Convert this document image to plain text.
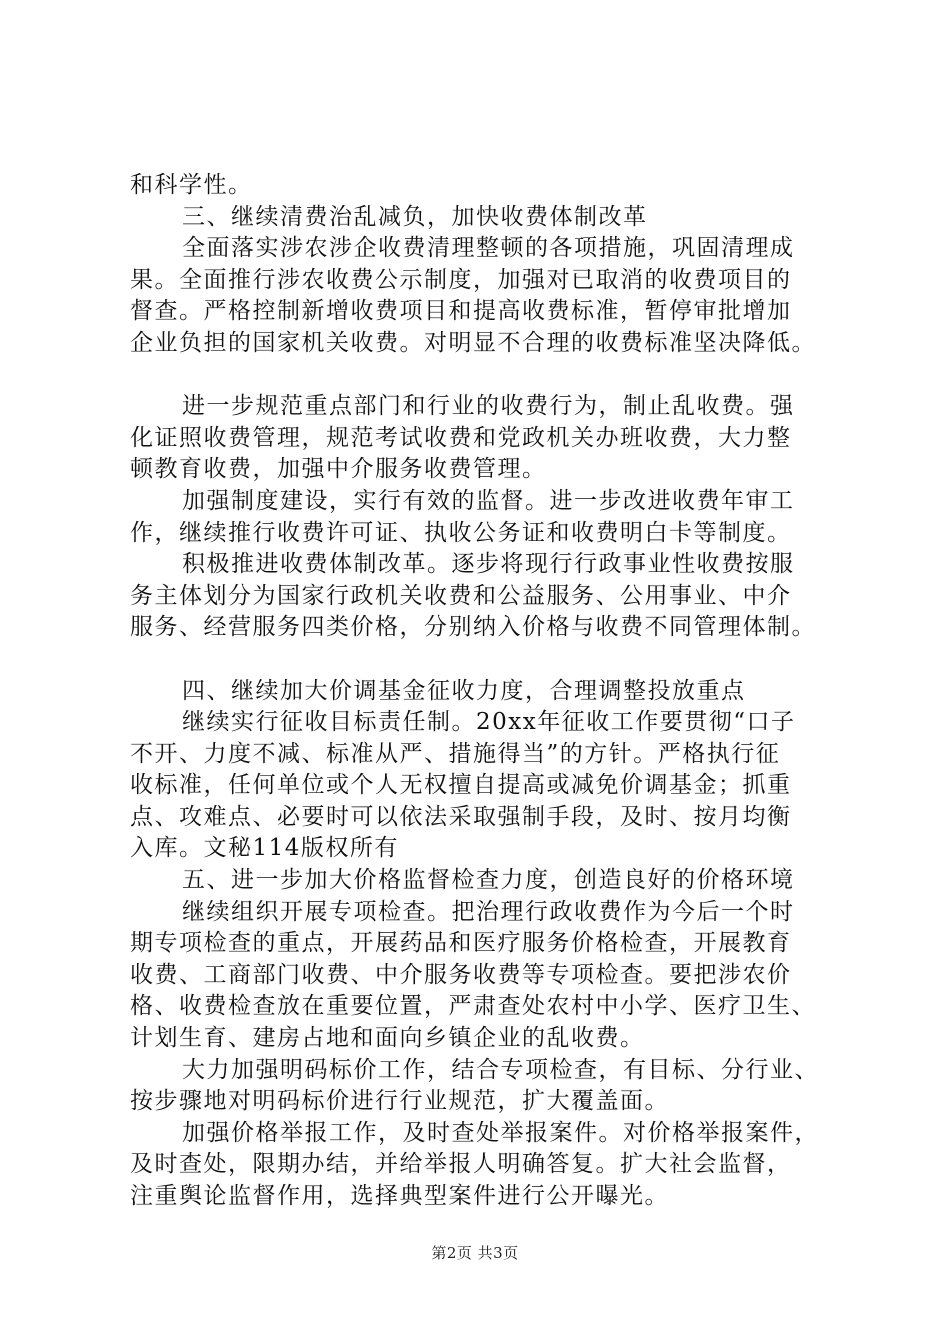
和科学性。
三、继续清费治乱减负，加快收费体制改革
全面落实涉农涉企收费清理整顿的各项措施，巩固清理成
果。全面推行涉农收费公示制度，加强对已取消的收费项目的
督查。严格控制新增收费项目和提高收费标准，暂停审批增加
企业负担的国家机关收费。对明显不合理的收费标准坚决降低。
进一步规范重点部门和行业的收费行为，制止乱收费。强
化证照收费管理，规范考试收费和党政机关办班收费，大力整
顿教育收费，加强中介服务收费管理。
加强制度建设，实行有效的监督。进一步改进收费年审工
作，继续推行收费许可证、执收公务证和收费明白卡等制度。
积极推进收费体制改革。逐步将现行行政事业性收费按服
务主体划分为国家行政机关收费和公益服务、公用事业、中介
服务、经营服务四类价格，分别纳入价格与收费不同管理体制。
四、继续加大价调基金征收力度，合理调整投放重点
继续实行征收目标责任制。20xx年征收工作要贯彻“口子
不开、力度不减、标准从严、措施得当”的方针。严格执行征
收标准，任何单位或个人无权擅自提高或减免价调基金；抓重
点、攻难点、必要时可以依法采取强制手段，及时、按月均衡
入库。文秘114版权所有
五、进一步加大价格监督检查力度，创造良好的价格环境
继续组织开展专项检查。把治理行政收费作为今后一个时
期专项检查的重点，开展药品和医疗服务价格检查，开展教育
收费、工商部门收费、中介服务收费等专项检查。要把涉农价
格、收费检查放在重要位置，严肃查处农村中小学、医疗卫生、
计划生育、建房占地和面向乡镇企业的乱收费。
大力加强明码标价工作，结合专项检查，有目标、分行业、
按步骤地对明码标价进行行业规范，扩大覆盖面。
加强价格举报工作，及时查处举报案件。对价格举报案件，
及时查处，限期办结，并给举报人明确答复。扩大社会监督，
注重舆论监督作用，选择典型案件进行公开曝光。
第2页 共3页
